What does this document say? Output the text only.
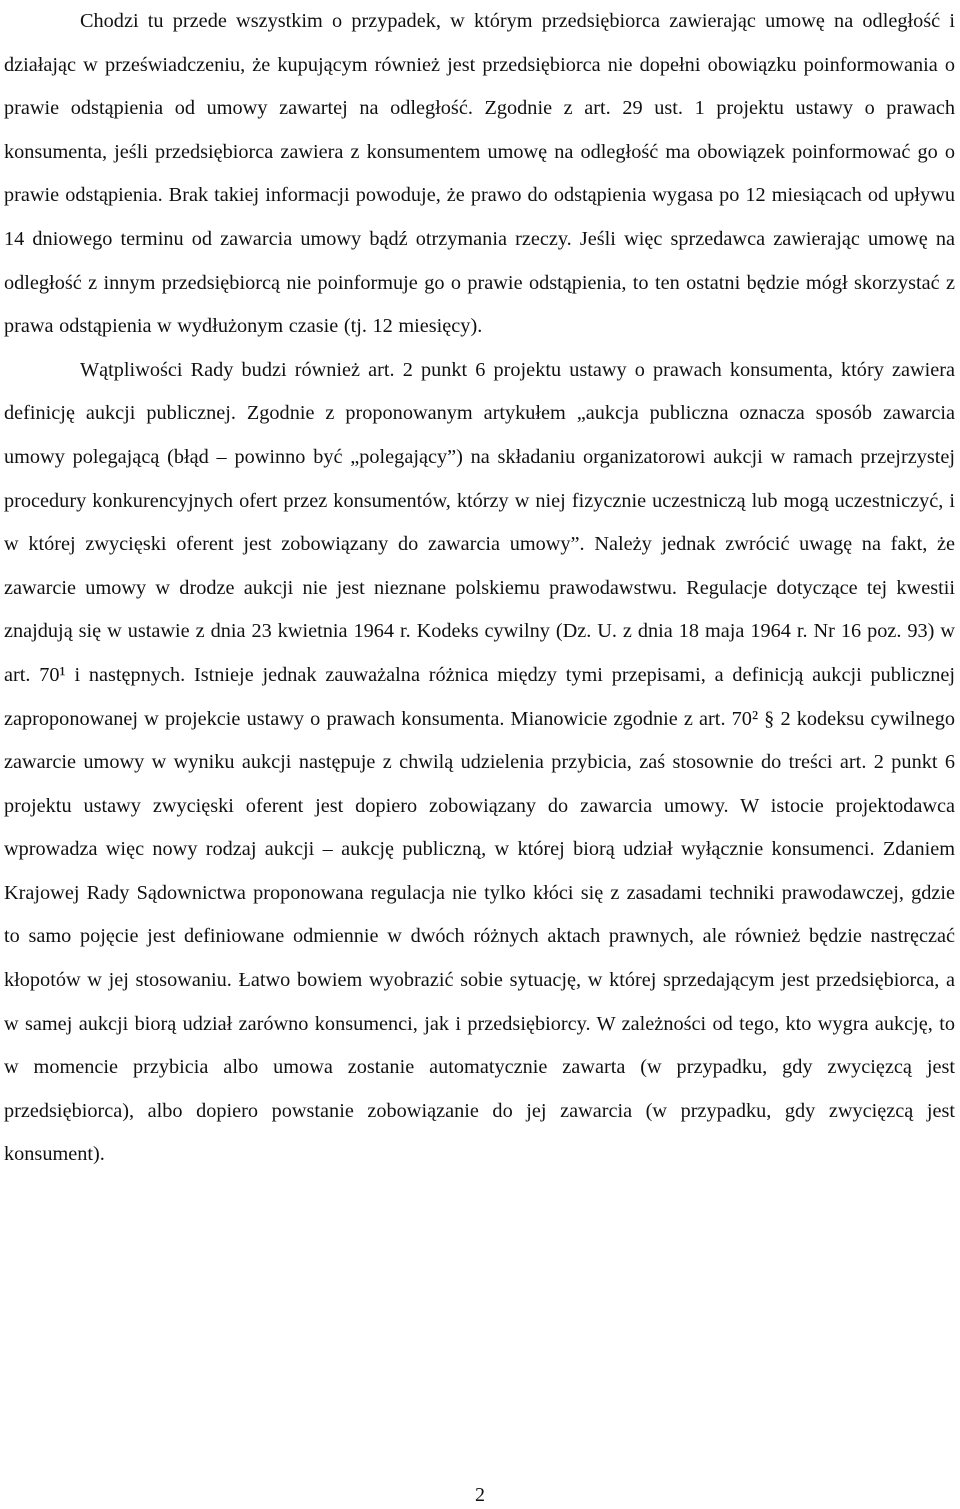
Chodzi tu przede wszystkim o przypadek, w którym przedsiębiorca zawierając umowę na odległość i działając w przeświadczeniu, że kupującym również jest przedsiębiorca nie dopełni obowiązku poinformowania o prawie odstąpienia od umowy zawartej na odległość. Zgodnie z art. 29 ust. 1 projektu ustawy o prawach konsumenta, jeśli przedsiębiorca zawiera z konsumentem umowę na odległość ma obowiązek poinformować go o prawie odstąpienia. Brak takiej informacji powoduje, że prawo do odstąpienia wygasa po 12 miesiącach od upływu 14 dniowego terminu od zawarcia umowy bądź otrzymania rzeczy. Jeśli więc sprzedawca zawierając umowę na odległość z innym przedsiębiorcą nie poinformuje go o prawie odstąpienia, to ten ostatni będzie mógł skorzystać z prawa odstąpienia w wydłużonym czasie (tj. 12 miesięcy).

Wątpliwości Rady budzi również art. 2 punkt 6 projektu ustawy o prawach konsumenta, który zawiera definicję aukcji publicznej. Zgodnie z proponowanym artykułem „aukcja publiczna oznacza sposób zawarcia umowy polegającą (błąd – powinno być „polegający”) na składaniu organizatorowi aukcji w ramach przejrzystej procedury konkurencyjnych ofert przez konsumentów, którzy w niej fizycznie uczestniczą lub mogą uczestniczyć, i w której zwycięski oferent jest zobowiązany do zawarcia umowy”. Należy jednak zwrócić uwagę na fakt, że zawarcie umowy w drodze aukcji nie jest nieznane polskiemu prawodawstwu. Regulacje dotyczące tej kwestii znajdują się w ustawie z dnia 23 kwietnia 1964 r. Kodeks cywilny (Dz. U. z dnia 18 maja 1964 r. Nr 16 poz. 93) w art. 70¹ i następnych. Istnieje jednak zauważalna różnica między tymi przepisami, a definicją aukcji publicznej zaproponowanej w projekcie ustawy o prawach konsumenta. Mianowicie zgodnie z art. 70² § 2 kodeksu cywilnego zawarcie umowy w wyniku aukcji następuje z chwilą udzielenia przybicia, zaś stosownie do treści art. 2 punkt 6 projektu ustawy zwycięski oferent jest dopiero zobowiązany do zawarcia umowy. W istocie projektodawca wprowadza więc nowy rodzaj aukcji – aukcję publiczną, w której biorą udział wyłącznie konsumenci. Zdaniem Krajowej Rady Sądownictwa proponowana regulacja nie tylko kłóci się z zasadami techniki prawodawczej, gdzie to samo pojęcie jest definiowane odmiennie w dwóch różnych aktach prawnych, ale również będzie nastręczać kłopotów w jej stosowaniu. Łatwo bowiem wyobrazić sobie sytuację, w której sprzedającym jest przedsiębiorca, a w samej aukcji biorą udział zarówno konsumenci, jak i przedsiębiorcy. W zależności od tego, kto wygra aukcję, to w momencie przybicia albo umowa zostanie automatycznie zawarta (w przypadku, gdy zwycięzcą jest przedsiębiorca), albo dopiero powstanie zobowiązanie do jej zawarcia (w przypadku, gdy zwycięzcą jest konsument).

2
